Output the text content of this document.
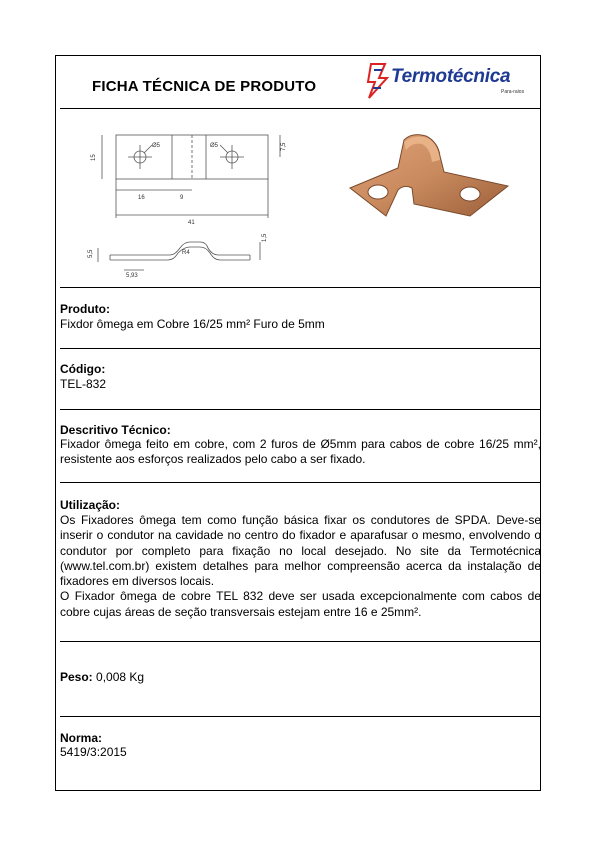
FICHA TÉCNICA DE PRODUTO	Termotécnica
Para-raios
Ø5	Ø5
15
7,5
16	9
41
R4
1,5
5,5
5,93
Produto:
Fixdor ômega em Cobre 16/25 mm² Furo de 5mm
Código:
TEL-832
Descritivo Técnico:
Fixador ômega feito em cobre, com 2 furos de Ø5mm para cabos de cobre 16/25 mm²,
resistente aos esforços realizados pelo cabo a ser fixado.
Utilização:
Os Fixadores ômega tem como função básica fixar os condutores de SPDA. Deve-se
inserir o condutor na cavidade no centro do fixador e aparafusar o mesmo, envolvendo o
condutor por completo para fixação no local desejado. No site da Termotécnica
(www.tel.com.br) existem detalhes para melhor compreensão acerca da instalação de
fixadores em diversos locais.
O Fixador ômega de cobre TEL 832 deve ser usada excepcionalmente com cabos de
cobre cujas áreas de seção transversais estejam entre 16 e 25mm².
Peso: 0,008 Kg
Norma:
5419/3:2015
